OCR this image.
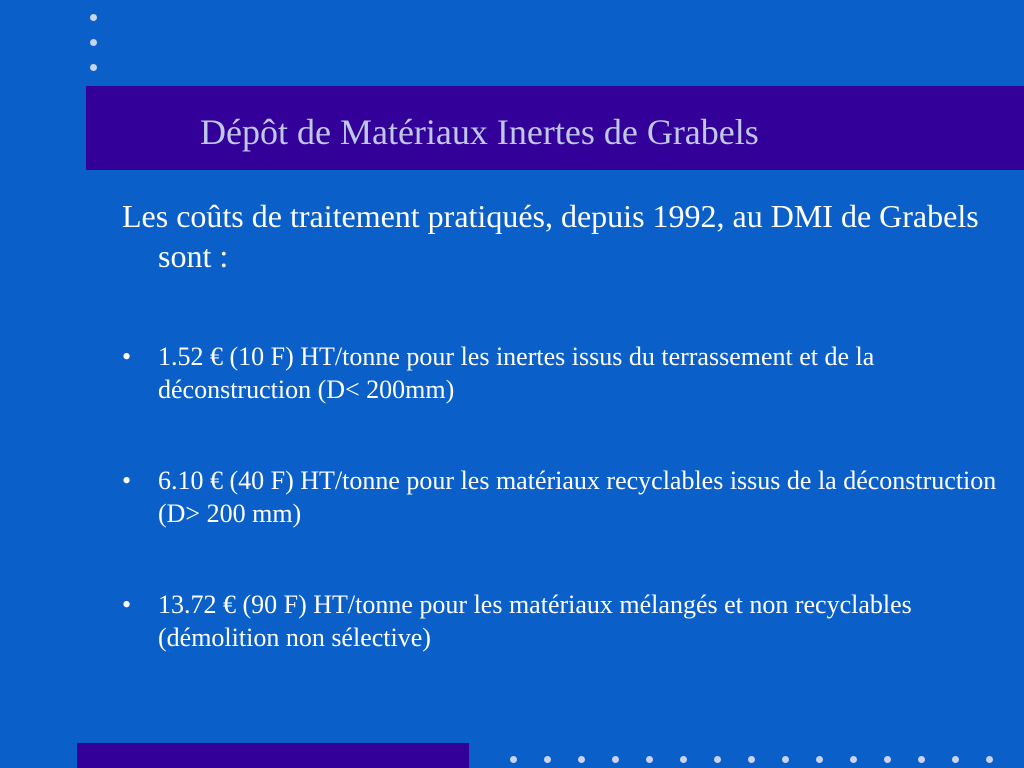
Dépôt de Matériaux Inertes de Grabels
Les coûts de traitement pratiqués, depuis 1992, au DMI de Grabels sont :
• 1.52 € (10 F) HT/tonne pour les inertes issus du terrassement et de la déconstruction (D< 200mm)
• 6.10 € (40 F) HT/tonne pour les matériaux recyclables issus de la déconstruction (D> 200 mm)
• 13.72 € (90 F) HT/tonne pour les matériaux mélangés et non recyclables (démolition non sélective)
